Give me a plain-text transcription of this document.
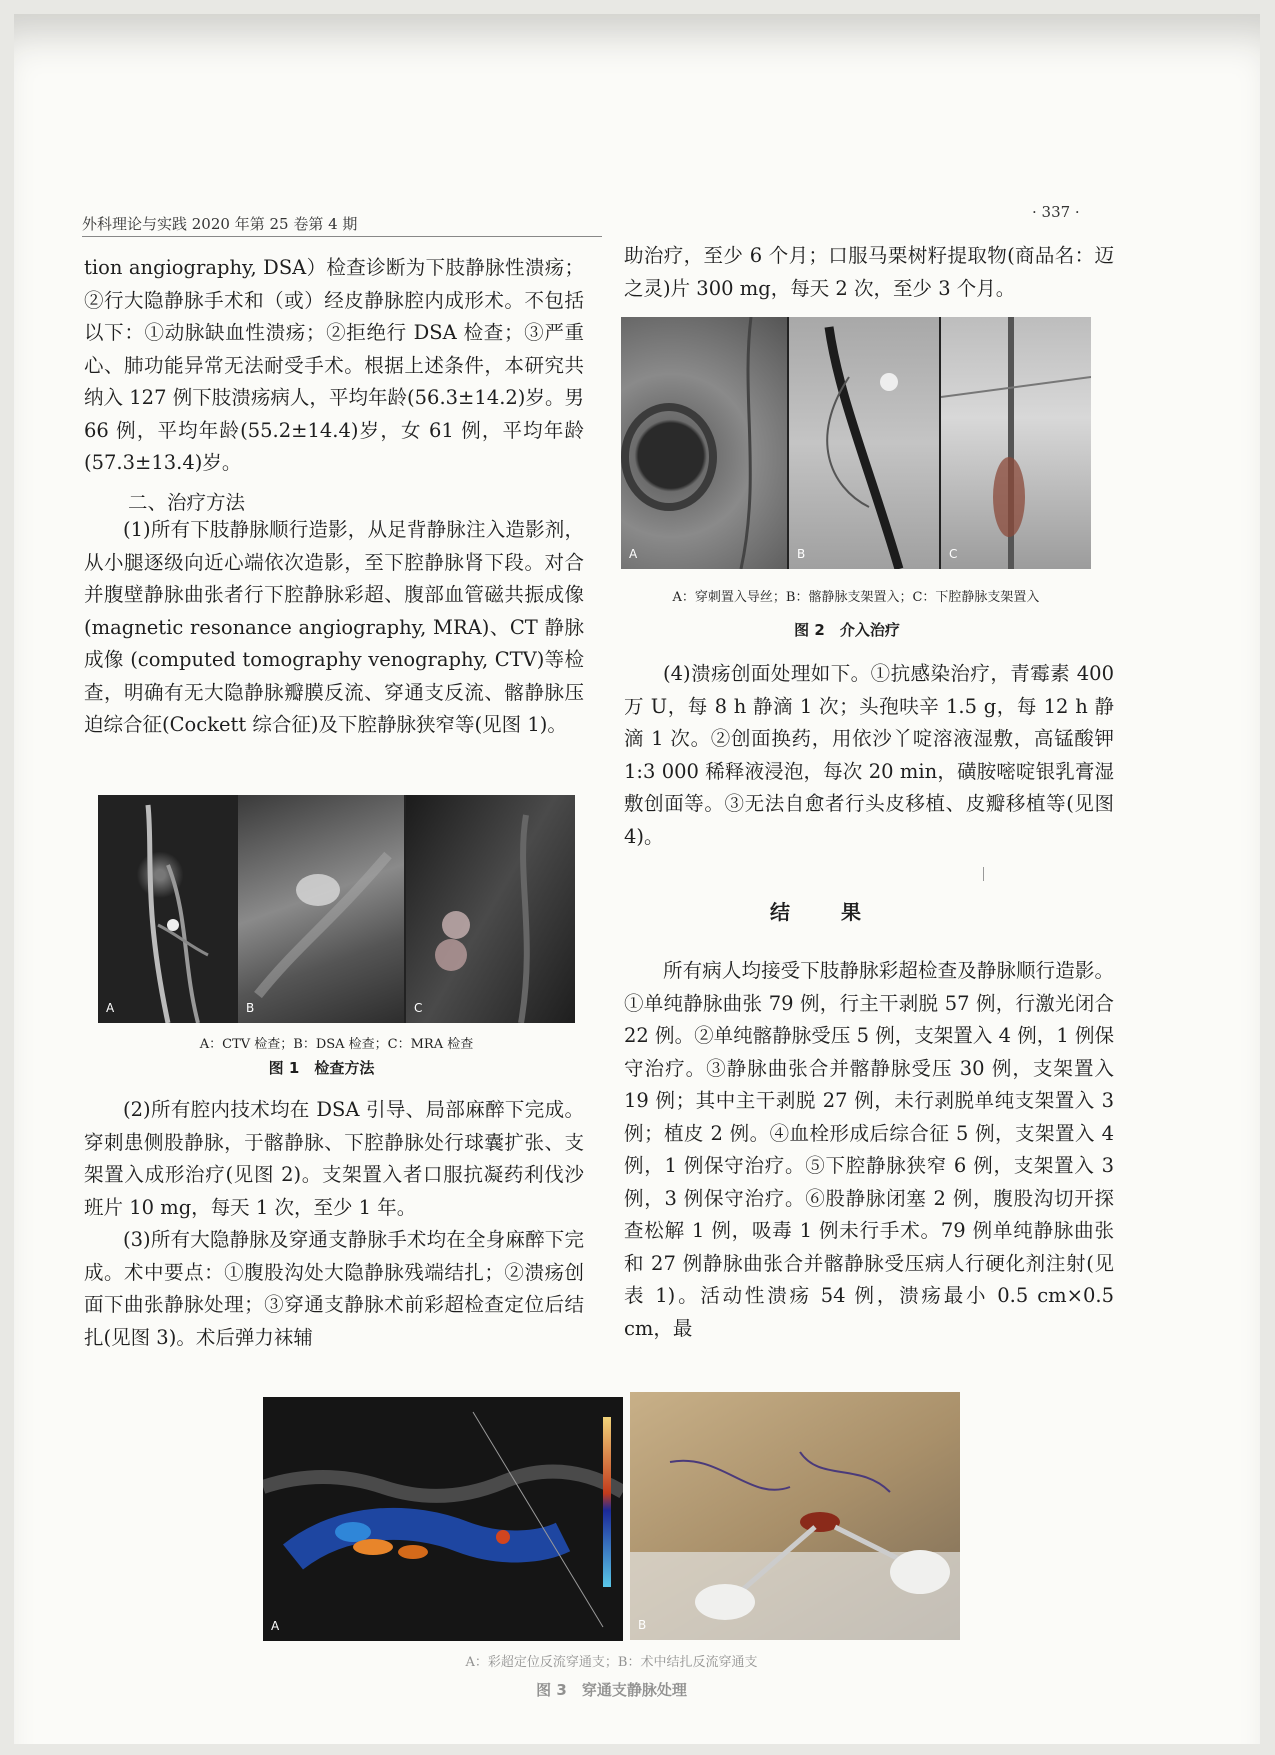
外科理论与实践 2020 年第 25 卷第 4 期
· 337 ·

tion angiography, DSA）检查诊断为下肢静脉性溃疡；②行大隐静脉手术和（或）经皮静脉腔内成形术。不包括以下：①动脉缺血性溃疡；②拒绝行 DSA 检查；③严重心、肺功能异常无法耐受手术。根据上述条件，本研究共纳入 127 例下肢溃疡病人，平均年龄(56.3±14.2)岁。男 66 例，平均年龄(55.2±14.4)岁，女 61 例，平均年龄(57.3±13.4)岁。

二、治疗方法

(1)所有下肢静脉顺行造影，从足背静脉注入造影剂，从小腿逐级向近心端依次造影，至下腔静脉肾下段。对合并腹壁静脉曲张者行下腔静脉彩超、腹部血管磁共振成像(magnetic resonance angiography, MRA)、CT 静脉成像 (computed tomography venography, CTV)等检查，明确有无大隐静脉瓣膜反流、穿通支反流、髂静脉压迫综合征(Cockett 综合征)及下腔静脉狭窄等(见图 1)。

A	B	C
A：CTV 检查；B：DSA 检查；C：MRA 检查
图 1　检查方法

(2)所有腔内技术均在 DSA 引导、局部麻醉下完成。穿刺患侧股静脉，于髂静脉、下腔静脉处行球囊扩张、支架置入成形治疗(见图 2)。支架置入者口服抗凝药利伐沙班片 10 mg，每天 1 次，至少 1 年。

(3)所有大隐静脉及穿通支静脉手术均在全身麻醉下完成。术中要点：①腹股沟处大隐静脉残端结扎；②溃疡创面下曲张静脉处理；③穿通支静脉术前彩超检查定位后结扎(见图 3)。术后弹力袜辅

助治疗，至少 6 个月；口服马栗树籽提取物(商品名：迈之灵)片 300 mg，每天 2 次，至少 3 个月。

A	B	C
A：穿刺置入导丝；B：髂静脉支架置入；C：下腔静脉支架置入
图 2　介入治疗

(4)溃疡创面处理如下。①抗感染治疗，青霉素 400 万 U，每 8 h 静滴 1 次；头孢呋辛 1.5 g，每 12 h 静滴 1 次。②创面换药，用依沙丫啶溶液湿敷，高锰酸钾 1:3 000 稀释液浸泡，每次 20 min，磺胺嘧啶银乳膏湿敷创面等。③无法自愈者行头皮移植、皮瓣移植等(见图 4)。

结 果

所有病人均接受下肢静脉彩超检查及静脉顺行造影。①单纯静脉曲张 79 例，行主干剥脱 57 例，行激光闭合 22 例。②单纯髂静脉受压 5 例，支架置入 4 例，1 例保守治疗。③静脉曲张合并髂静脉受压 30 例，支架置入 19 例；其中主干剥脱 27 例，未行剥脱单纯支架置入 3 例；植皮 2 例。④血栓形成后综合征 5 例，支架置入 4 例，1 例保守治疗。⑤下腔静脉狭窄 6 例，支架置入 3 例，3 例保守治疗。⑥股静脉闭塞 2 例，腹股沟切开探查松解 1 例，吸毒 1 例未行手术。79 例单纯静脉曲张和 27 例静脉曲张合并髂静脉受压病人行硬化剂注射(见表 1)。活动性溃疡 54 例，溃疡最小 0.5 cm×0.5 cm，最

A	B
A：彩超定位反流穿通支；B：术中结扎反流穿通支
图 3　穿通支静脉处理
